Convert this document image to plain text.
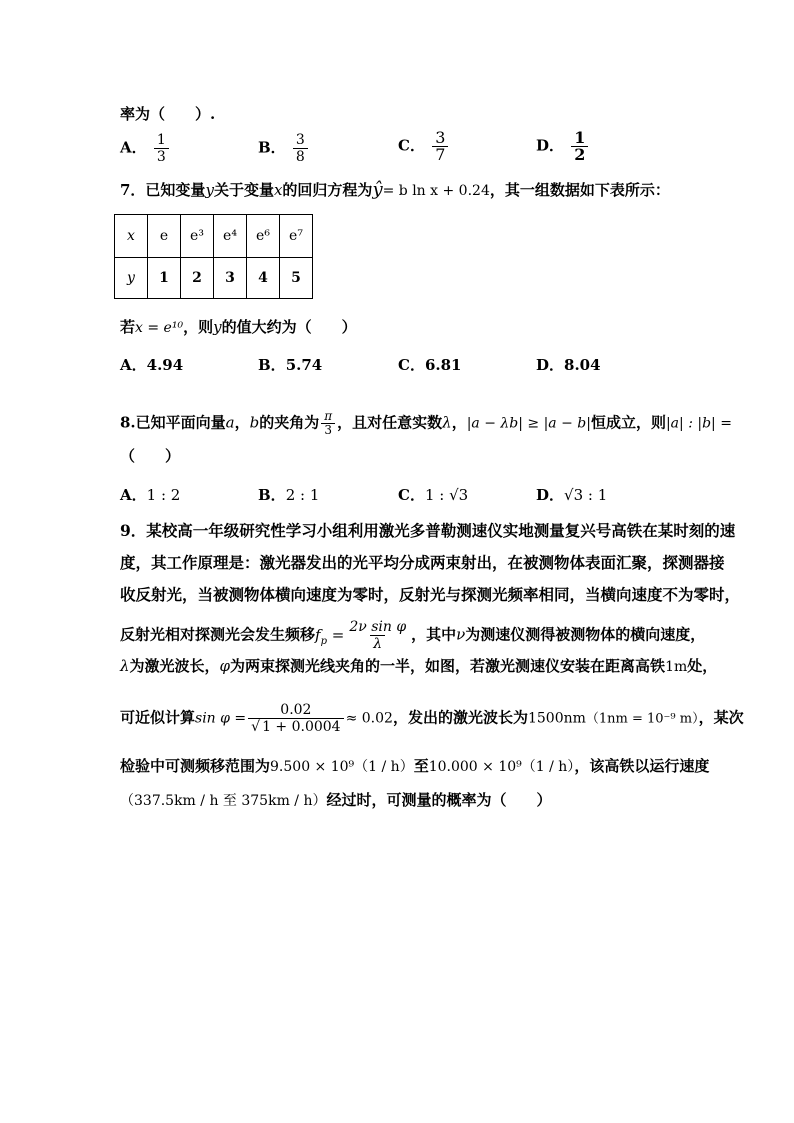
率为（　　）.
A． $\frac{1}{3}$	B． $\frac{3}{8}$	C． $\frac{3}{7}$	D． $\frac{1}{2}$
7．已知变量y关于变量x的回归方程为ŷ= b ln x + 0.24，其一组数据如下表所示：
x	e	e³	e⁴	e⁶	e⁷
y	1	2	3	4	5
若x = e¹⁰，则y的值大约为（　　）
A．4.94	B．5.74	C．6.81	D．8.04
8.已知平面向量a，b的夹角为 $\frac{\pi}{3}$ ，且对任意实数λ，|a − λb| ≥ |a − b|恒成立，则|a| : |b| =
（　　）
A．1 : 2	B．2 : 1	C．1 : √3	D．√3 : 1
9．某校高一年级研究性学习小组利用激光多普勒测速仪实地测量复兴号高铁在某时刻的速
度，其工作原理是：激光器发出的光平均分成两束射出，在被测物体表面汇聚，探测器接
收反射光，当被测物体横向速度为零时，反射光与探测光频率相同，当横向速度不为零时，
反射光相对探测光会发生频移$f_p = \frac{\text{2ν sin φ}}{\lambda}$ ，其中ν为测速仪测得被测物体的横向速度，
λ为激光波长，φ为两束探测光线夹角的一半，如图，若激光测速仪安装在距离高铁1m处，
可近似计算$\sin \varphi = \frac{0.02}{√ 1 + 0.0004} \approx 0.02$，发出的激光波长为1500nm（1nm = 10⁻⁹ m），某次
检验中可测频移范围为9.500 × 10⁹（1 / h）至10.000 × 10⁹（1 / h），该高铁以运行速度
（337.5km / h 至 375km / h）经过时，可测量的概率为（　　）
